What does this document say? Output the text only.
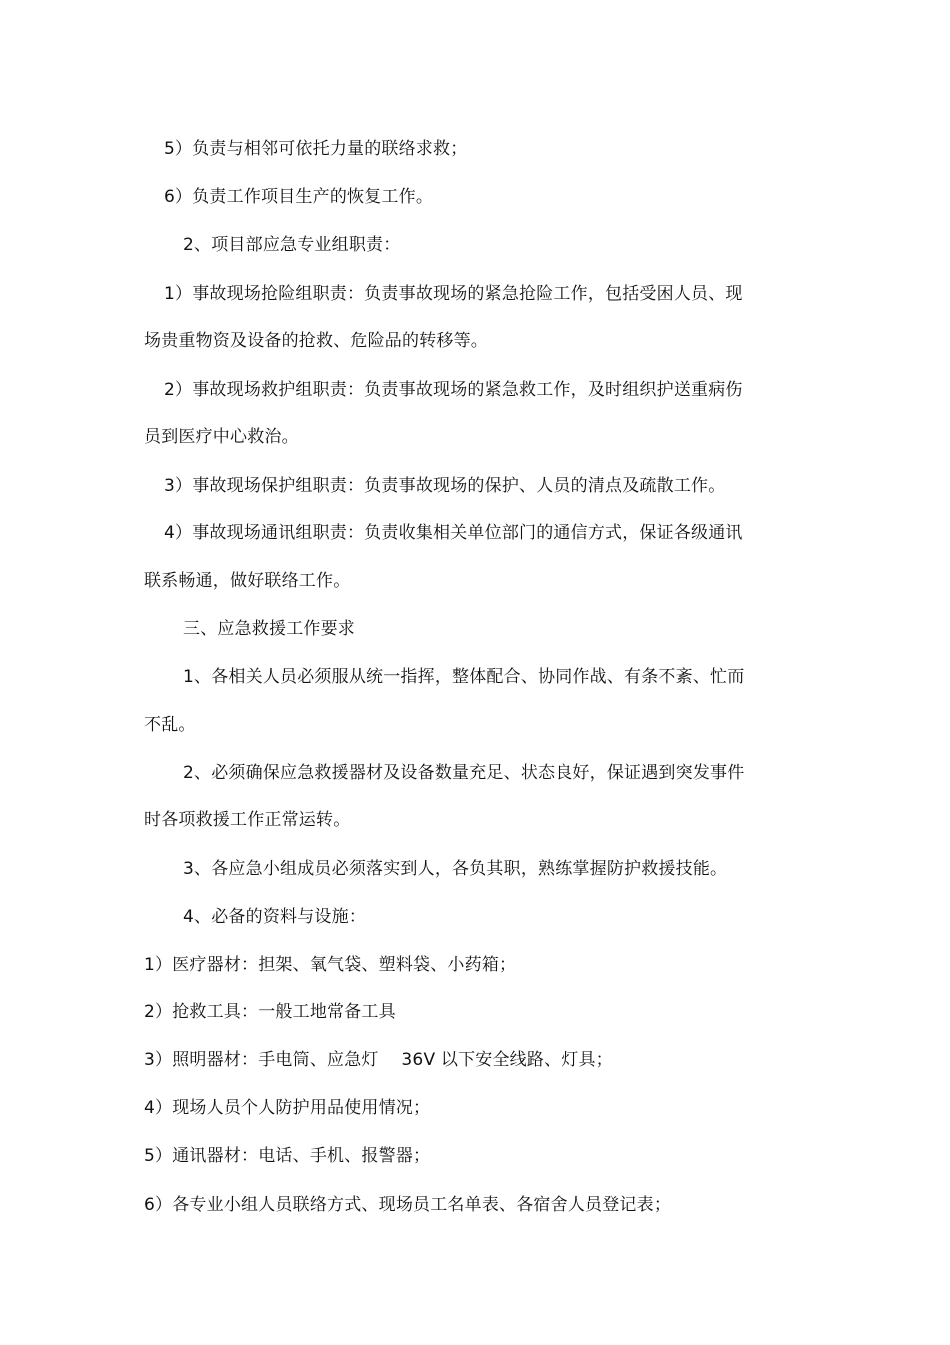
5）负责与相邻可依托力量的联络求救；
6）负责工作项目生产的恢复工作。
2、项目部应急专业组职责：
1）事故现场抢险组职责：负责事故现场的紧急抢险工作，包括受困人员、现
场贵重物资及设备的抢救、危险品的转移等。
2）事故现场救护组职责：负责事故现场的紧急救工作，及时组织护送重病伤
员到医疗中心救治。
3）事故现场保护组职责：负责事故现场的保护、人员的清点及疏散工作。
4）事故现场通讯组职责：负责收集相关单位部门的通信方式，保证各级通讯
联系畅通，做好联络工作。
三、应急救援工作要求
1、各相关人员必须服从统一指挥，整体配合、协同作战、有条不紊、忙而
不乱。
2、必须确保应急救援器材及设备数量充足、状态良好，保证遇到突发事件
时各项救援工作正常运转。
3、各应急小组成员必须落实到人，各负其职，熟练掌握防护救援技能。
4、必备的资料与设施：
1）医疗器材：担架、氧气袋、塑料袋、小药箱；
2）抢救工具：一般工地常备工具
3）照明器材：手电筒、应急灯　 36V 以下安全线路、灯具；
4）现场人员个人防护用品使用情况；
5）通讯器材：电话、手机、报警器；
6）各专业小组人员联络方式、现场员工名单表、各宿舍人员登记表；
